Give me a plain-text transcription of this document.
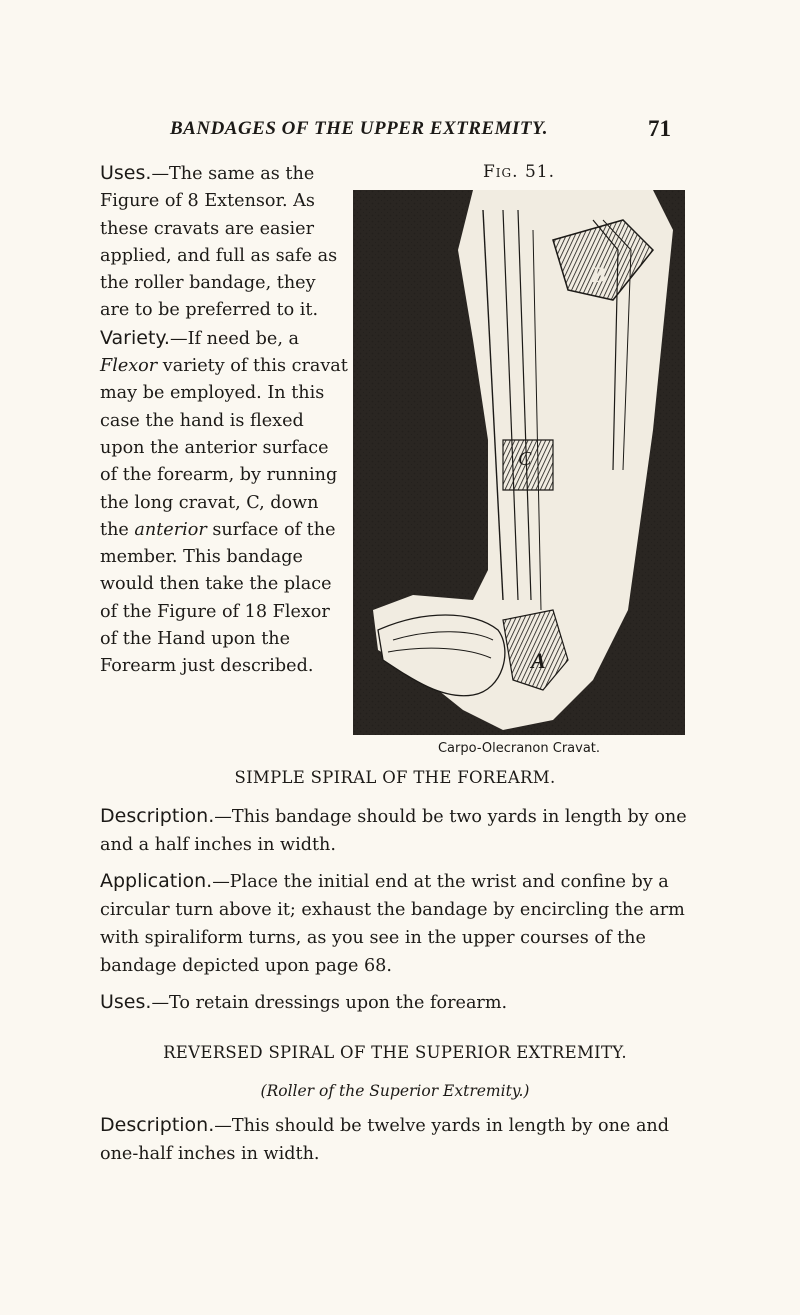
BANDAGES OF THE UPPER EXTREMITY.	71

Uses.—The same as the Figure of 8 Extensor. As these cravats are easier applied, and full as safe as the roller bandage, they are to be preferred to it.

Variety.—If need be, a Flexor variety of this cravat may be employed. In this case the hand is flexed upon the anterior surface of the forearm, by running the long cravat, C, down the anterior surface of the member. This bandage would then take the place of the Figure of 18 Flexor of the Hand upon the Forearm just described.

Fig. 51.
B
C
A
Carpo-Olecranon Cravat.

SIMPLE SPIRAL OF THE FOREARM.

Description.—This bandage should be two yards in length by one and a half inches in width.

Application.—Place the initial end at the wrist and confine by a circular turn above it; exhaust the bandage by encircling the arm with spiraliform turns, as you see in the upper courses of the bandage depicted upon page 68.

Uses.—To retain dressings upon the forearm.

REVERSED SPIRAL OF THE SUPERIOR EXTREMITY.

(Roller of the Superior Extremity.)

Description.—This should be twelve yards in length by one and one-half inches in width.
